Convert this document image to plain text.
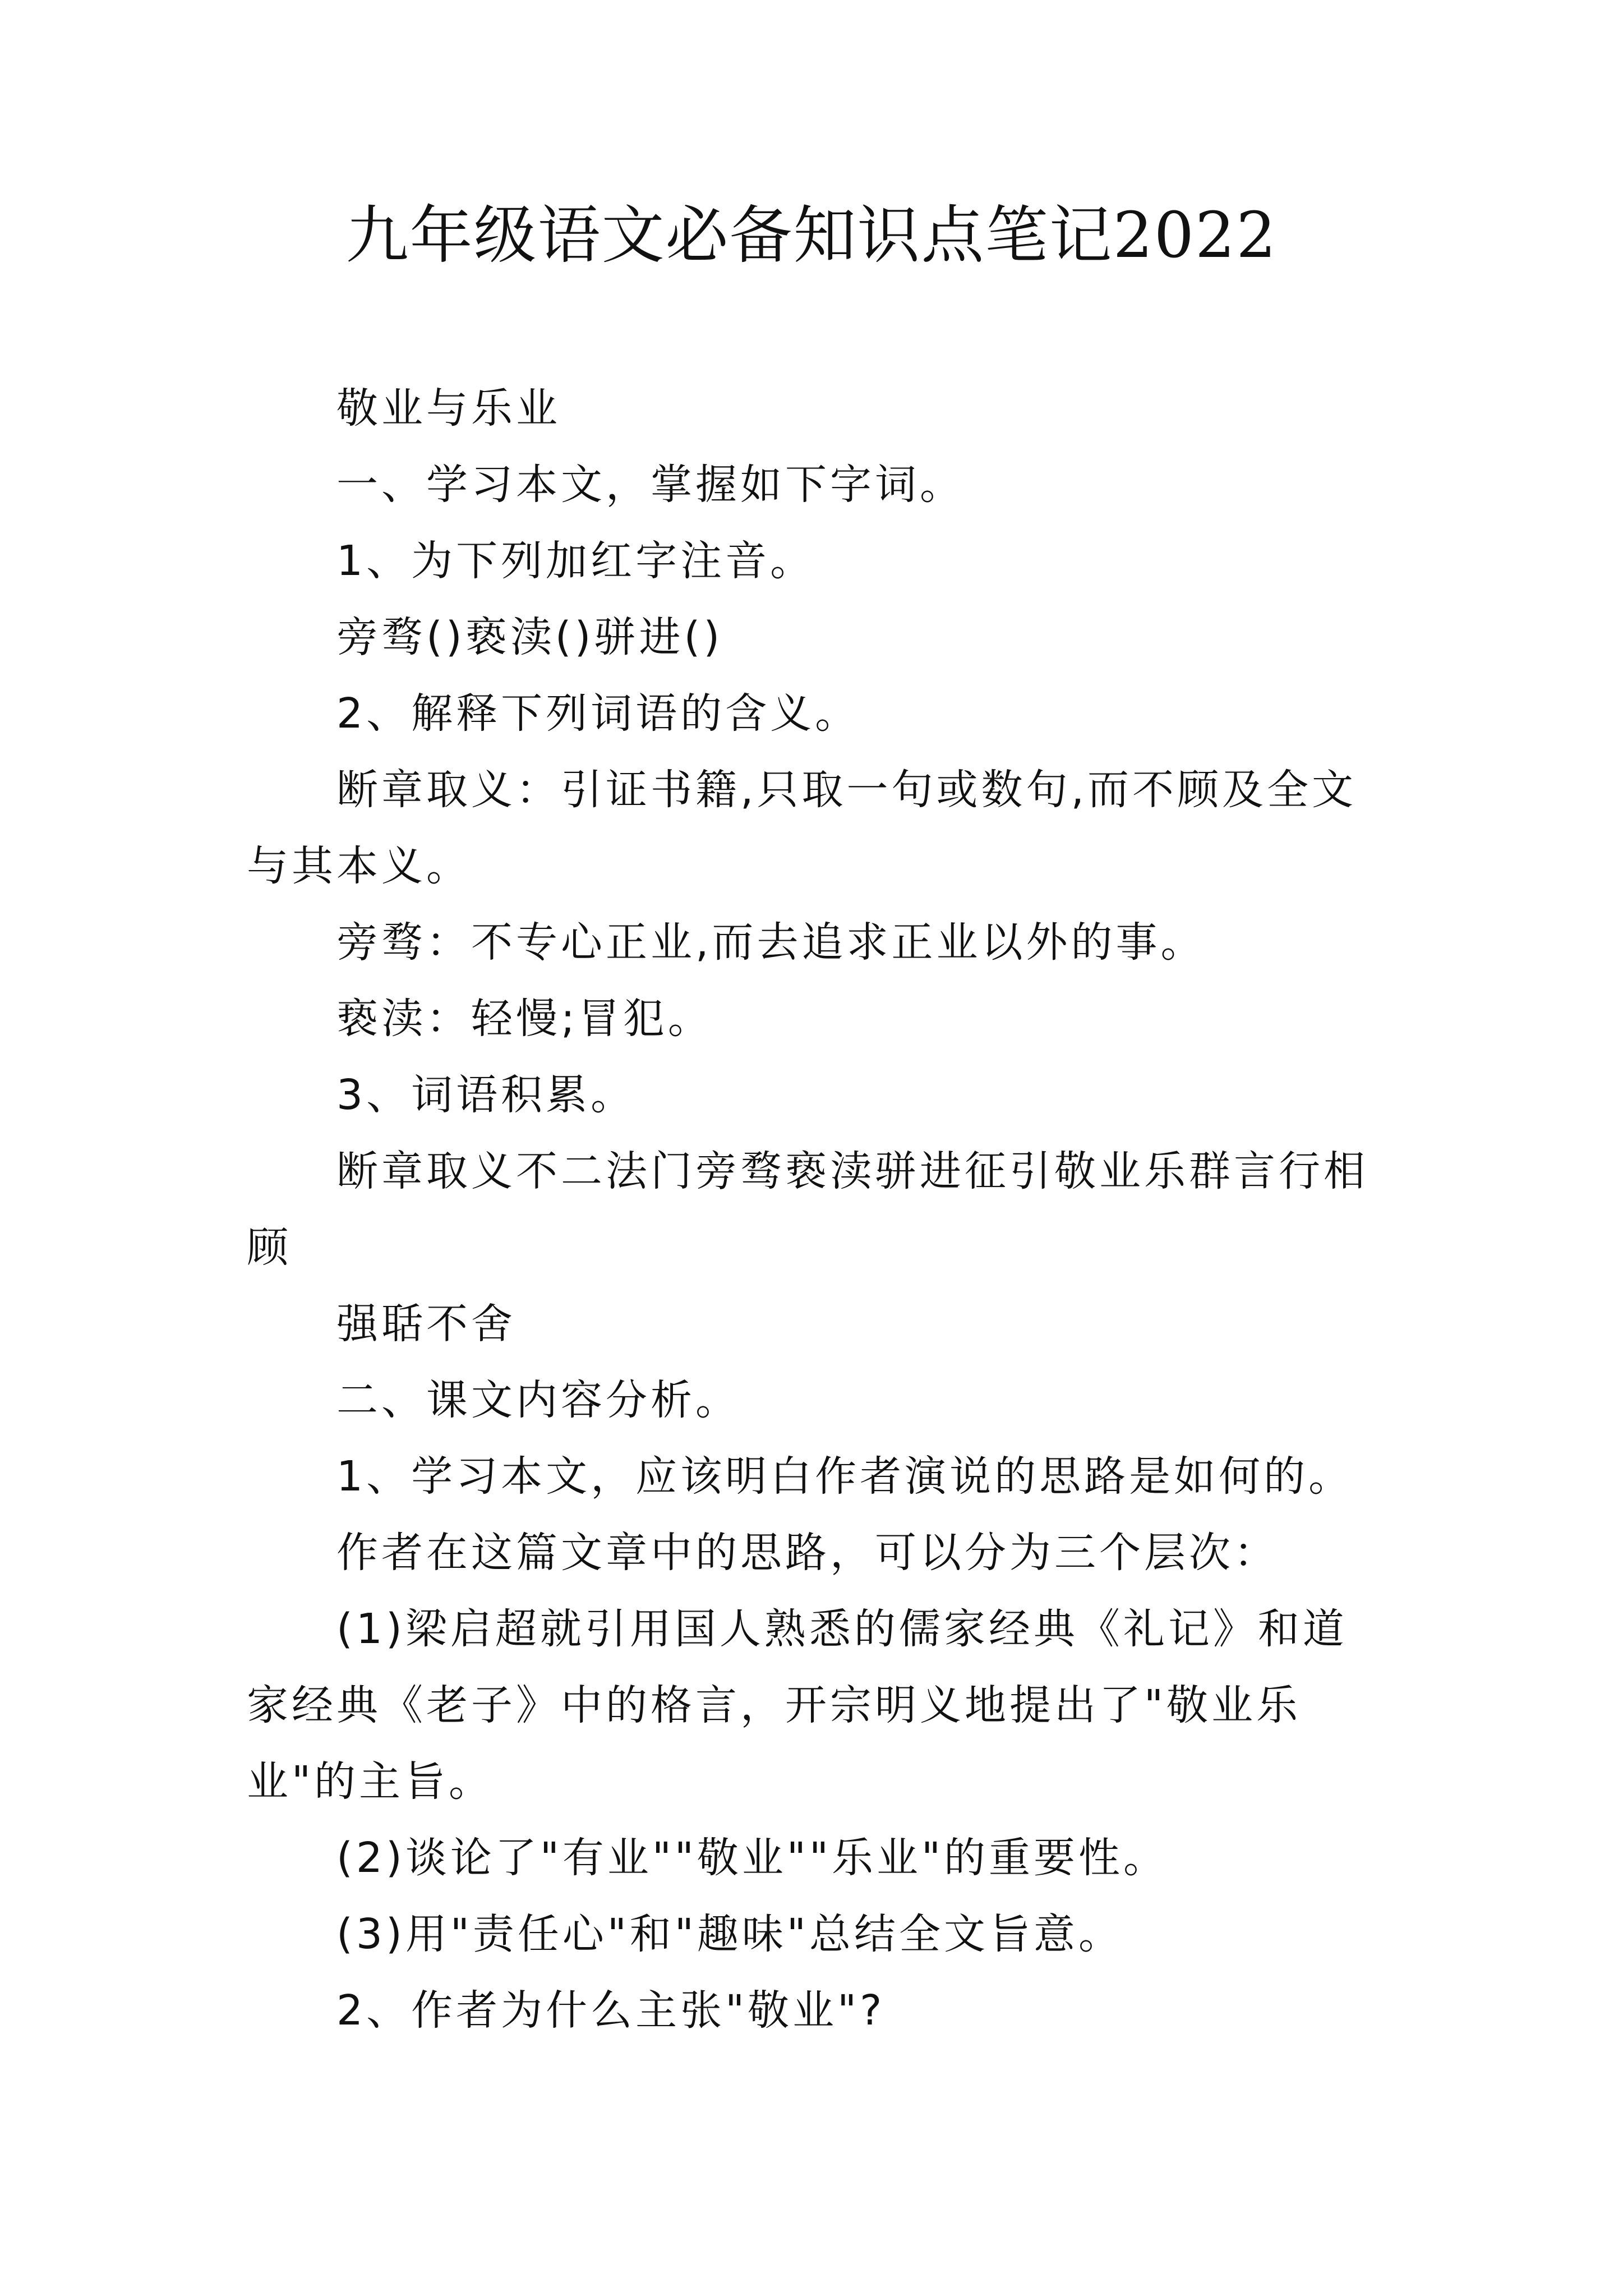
九年级语文必备知识点笔记2022

敬业与乐业

一、学习本文，掌握如下字词。

1、为下列加红字注音。

旁骛()亵渎()骈进()

2、解释下列词语的含义。

断章取义：引证书籍,只取一句或数句,而不顾及全文与其本义。

旁骛：不专心正业,而去追求正业以外的事。

亵渎：轻慢;冒犯。

3、词语积累。

断章取义不二法门旁骛亵渎骈进征引敬业乐群言行相顾

强聒不舍

二、课文内容分析。

1、学习本文，应该明白作者演说的思路是如何的。

作者在这篇文章中的思路，可以分为三个层次：

(1)梁启超就引用国人熟悉的儒家经典《礼记》和道家经典《老子》中的格言，开宗明义地提出了"敬业乐业"的主旨。

(2)谈论了"有业""敬业""乐业"的重要性。

(3)用"责任心"和"趣味"总结全文旨意。

2、作者为什么主张"敬业"?
